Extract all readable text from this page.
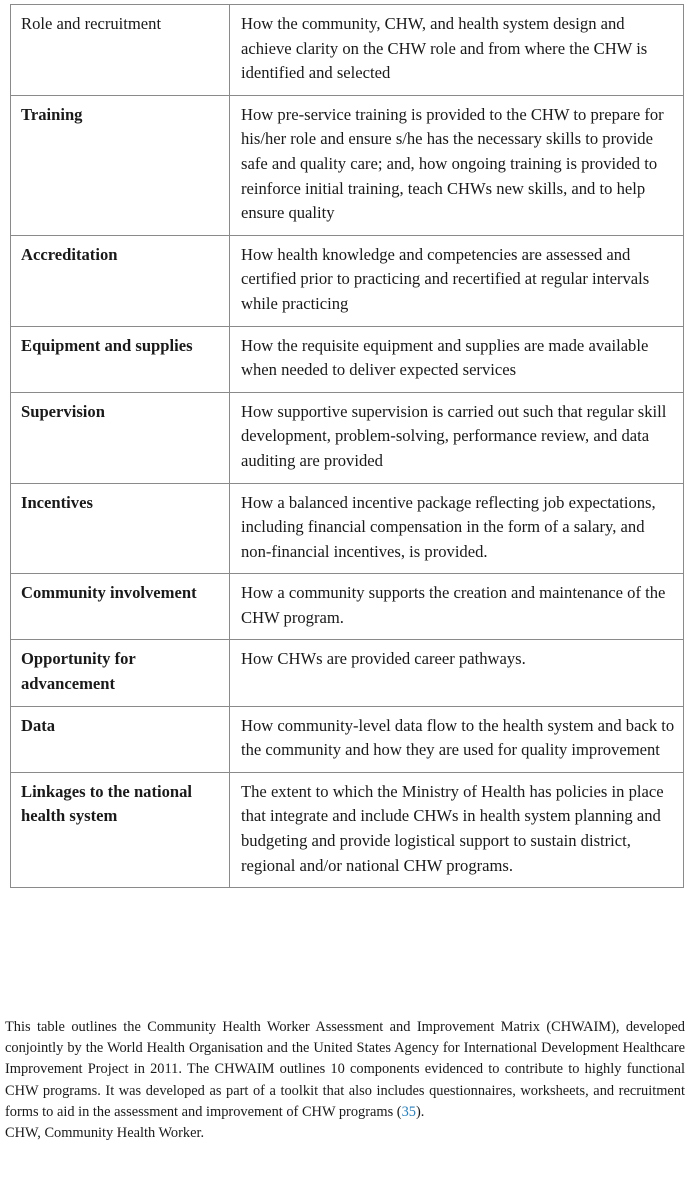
Role and recruitment	How the community, CHW, and health system design and achieve clarity on the CHW role and from where the CHW is identified and selected
Training	How pre-service training is provided to the CHW to prepare for his/her role and ensure s/he has the necessary skills to provide safe and quality care; and, how ongoing training is provided to reinforce initial training, teach CHWs new skills, and to help ensure quality
Accreditation	How health knowledge and competencies are assessed and certified prior to practicing and recertified at regular intervals while practicing
Equipment and supplies	How the requisite equipment and supplies are made available when needed to deliver expected services
Supervision	How supportive supervision is carried out such that regular skill development, problem-solving, performance review, and data auditing are provided
Incentives	How a balanced incentive package reflecting job expectations, including financial compensation in the form of a salary, and non-financial incentives, is provided.
Community involvement	How a community supports the creation and maintenance of the CHW program.
Opportunity for advancement	How CHWs are provided career pathways.
Data	How community-level data flow to the health system and back to the community and how they are used for quality improvement
Linkages to the national health system	The extent to which the Ministry of Health has policies in place that integrate and include CHWs in health system planning and budgeting and provide logistical support to sustain district, regional and/or national CHW programs.
This table outlines the Community Health Worker Assessment and Improvement Matrix (CHWAIM), developed conjointly by the World Health Organisation and the United States Agency for International Development Healthcare Improvement Project in 2011. The CHWAIM outlines 10 components evidenced to contribute to highly functional CHW programs. It was developed as part of a toolkit that also includes questionnaires, worksheets, and recruitment forms to aid in the assessment and improvement of CHW programs (35).
CHW, Community Health Worker.
